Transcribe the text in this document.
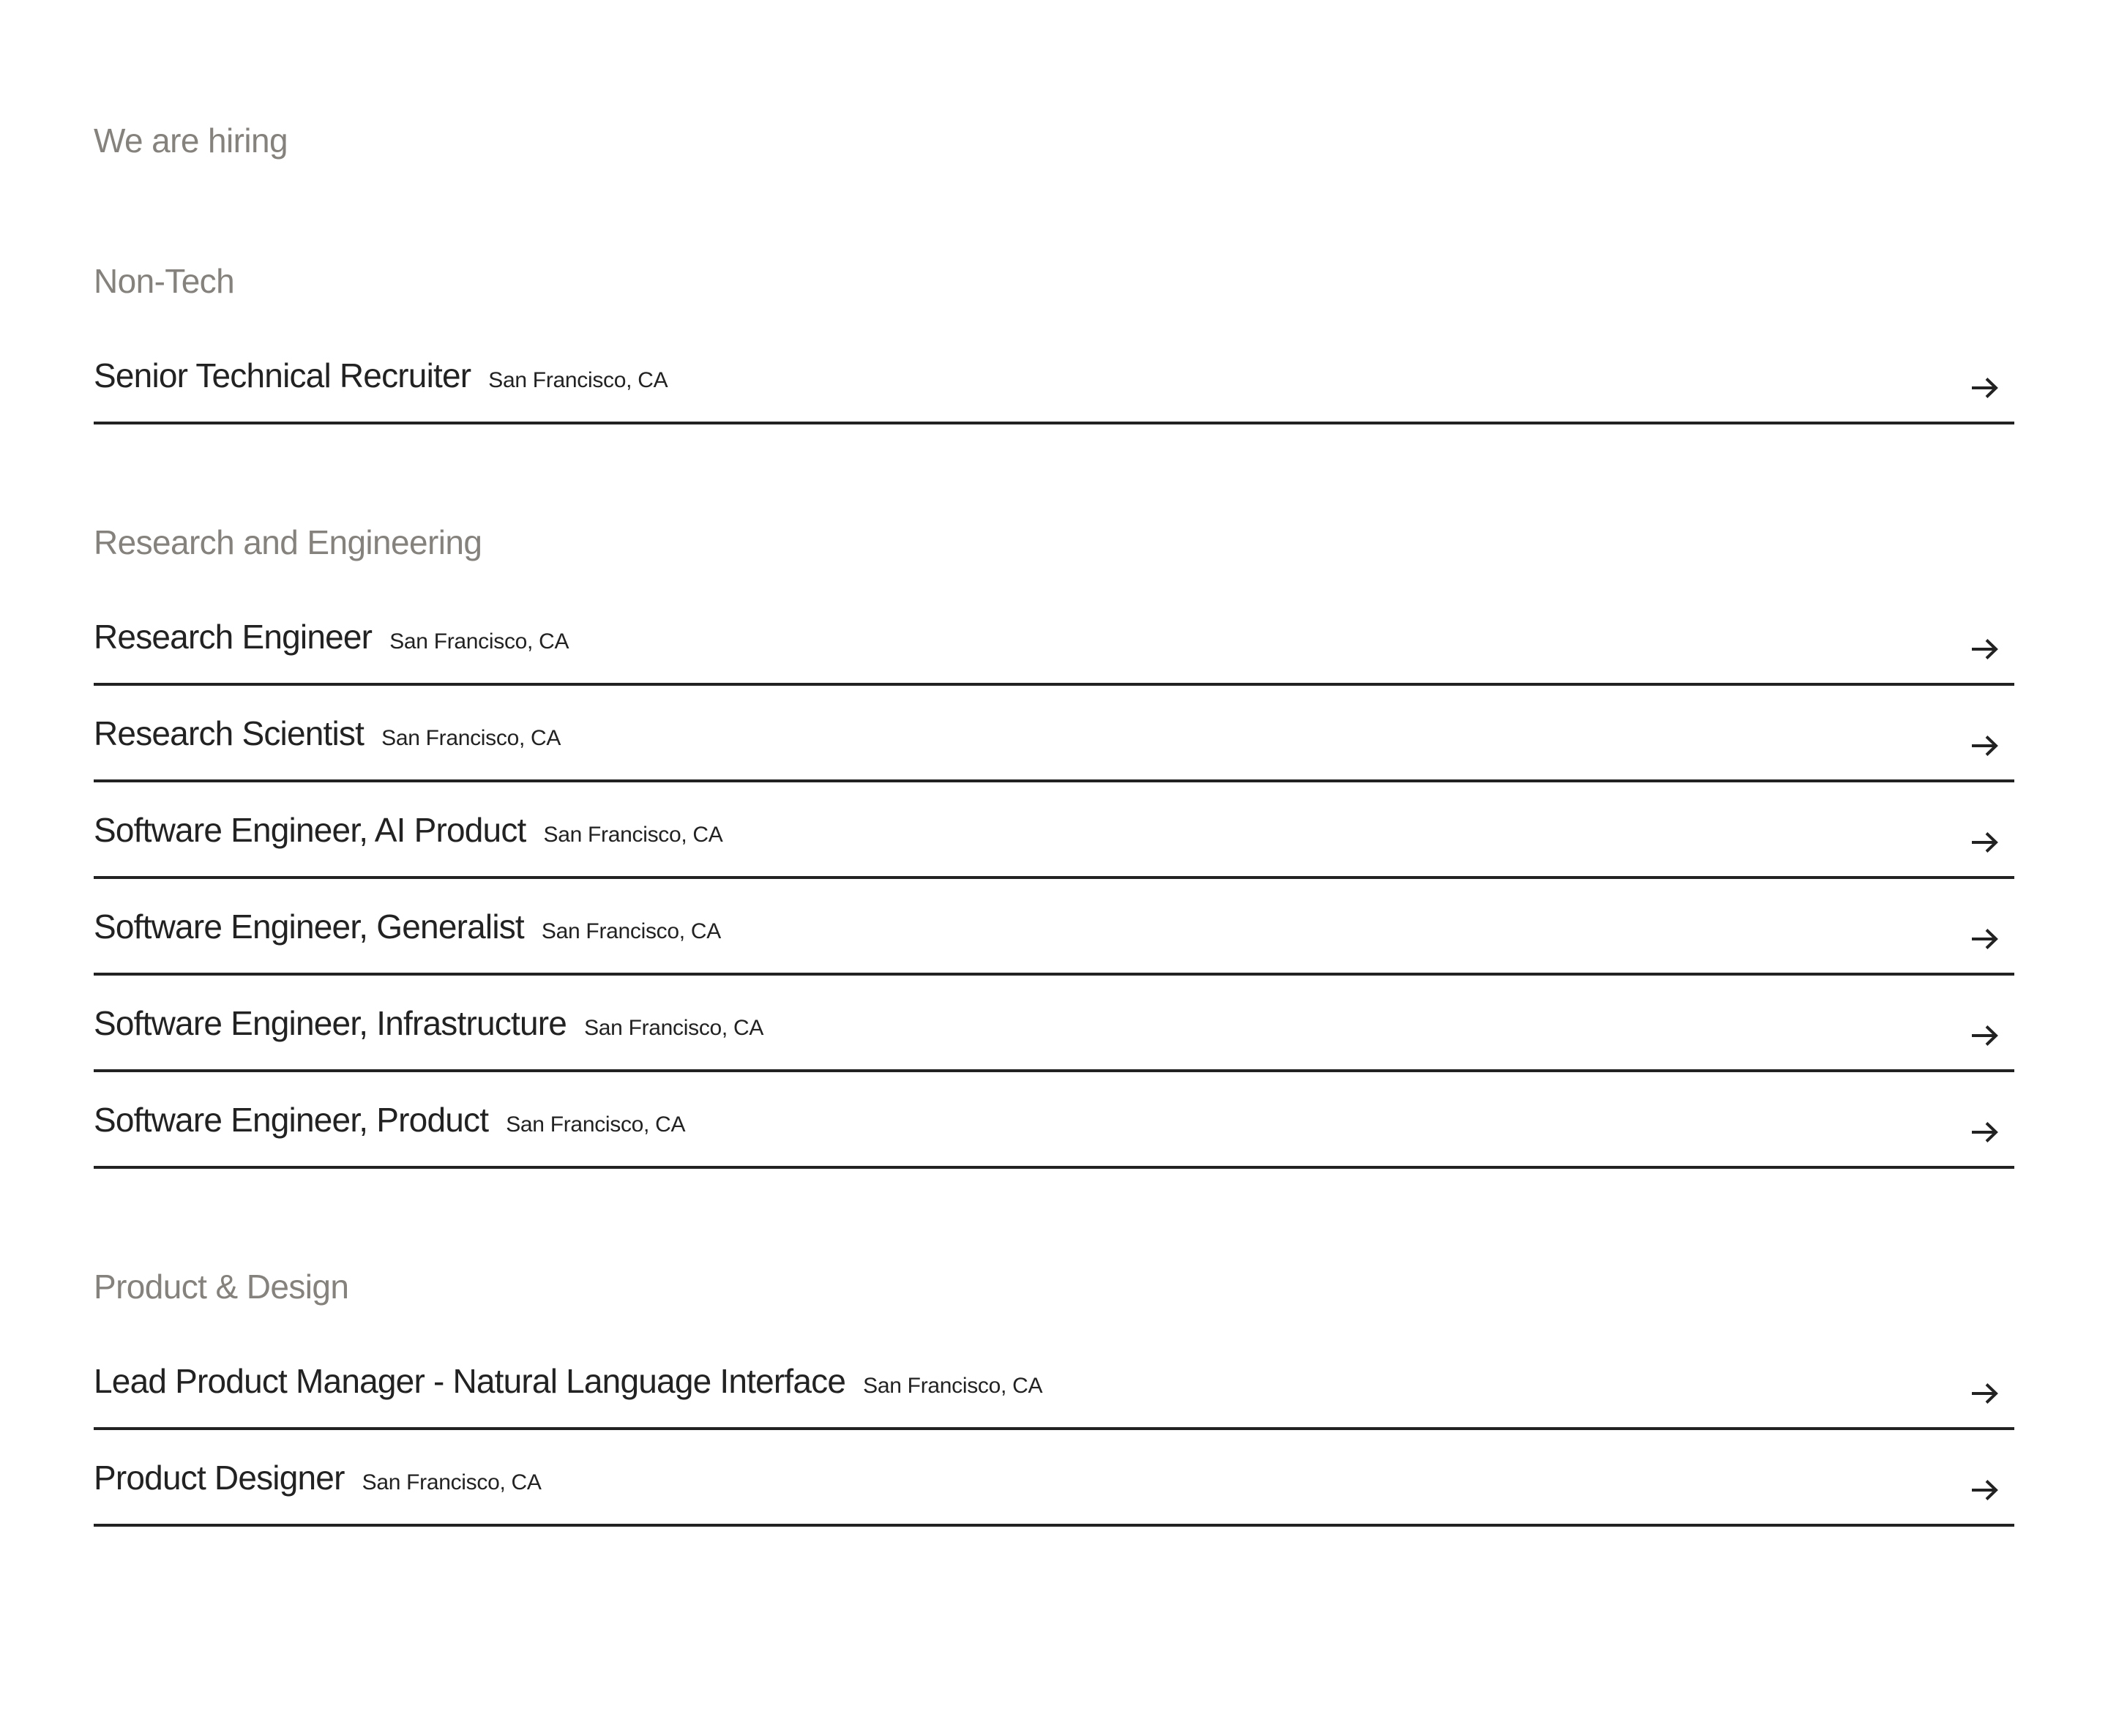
We are hiring
Non-Tech
Senior Technical Recruiter San Francisco, CA
Research and Engineering
Research Engineer San Francisco, CA
Research Scientist San Francisco, CA
Software Engineer, AI Product San Francisco, CA
Software Engineer, Generalist San Francisco, CA
Software Engineer, Infrastructure San Francisco, CA
Software Engineer, Product San Francisco, CA
Product & Design
Lead Product Manager - Natural Language Interface San Francisco, CA
Product Designer San Francisco, CA
